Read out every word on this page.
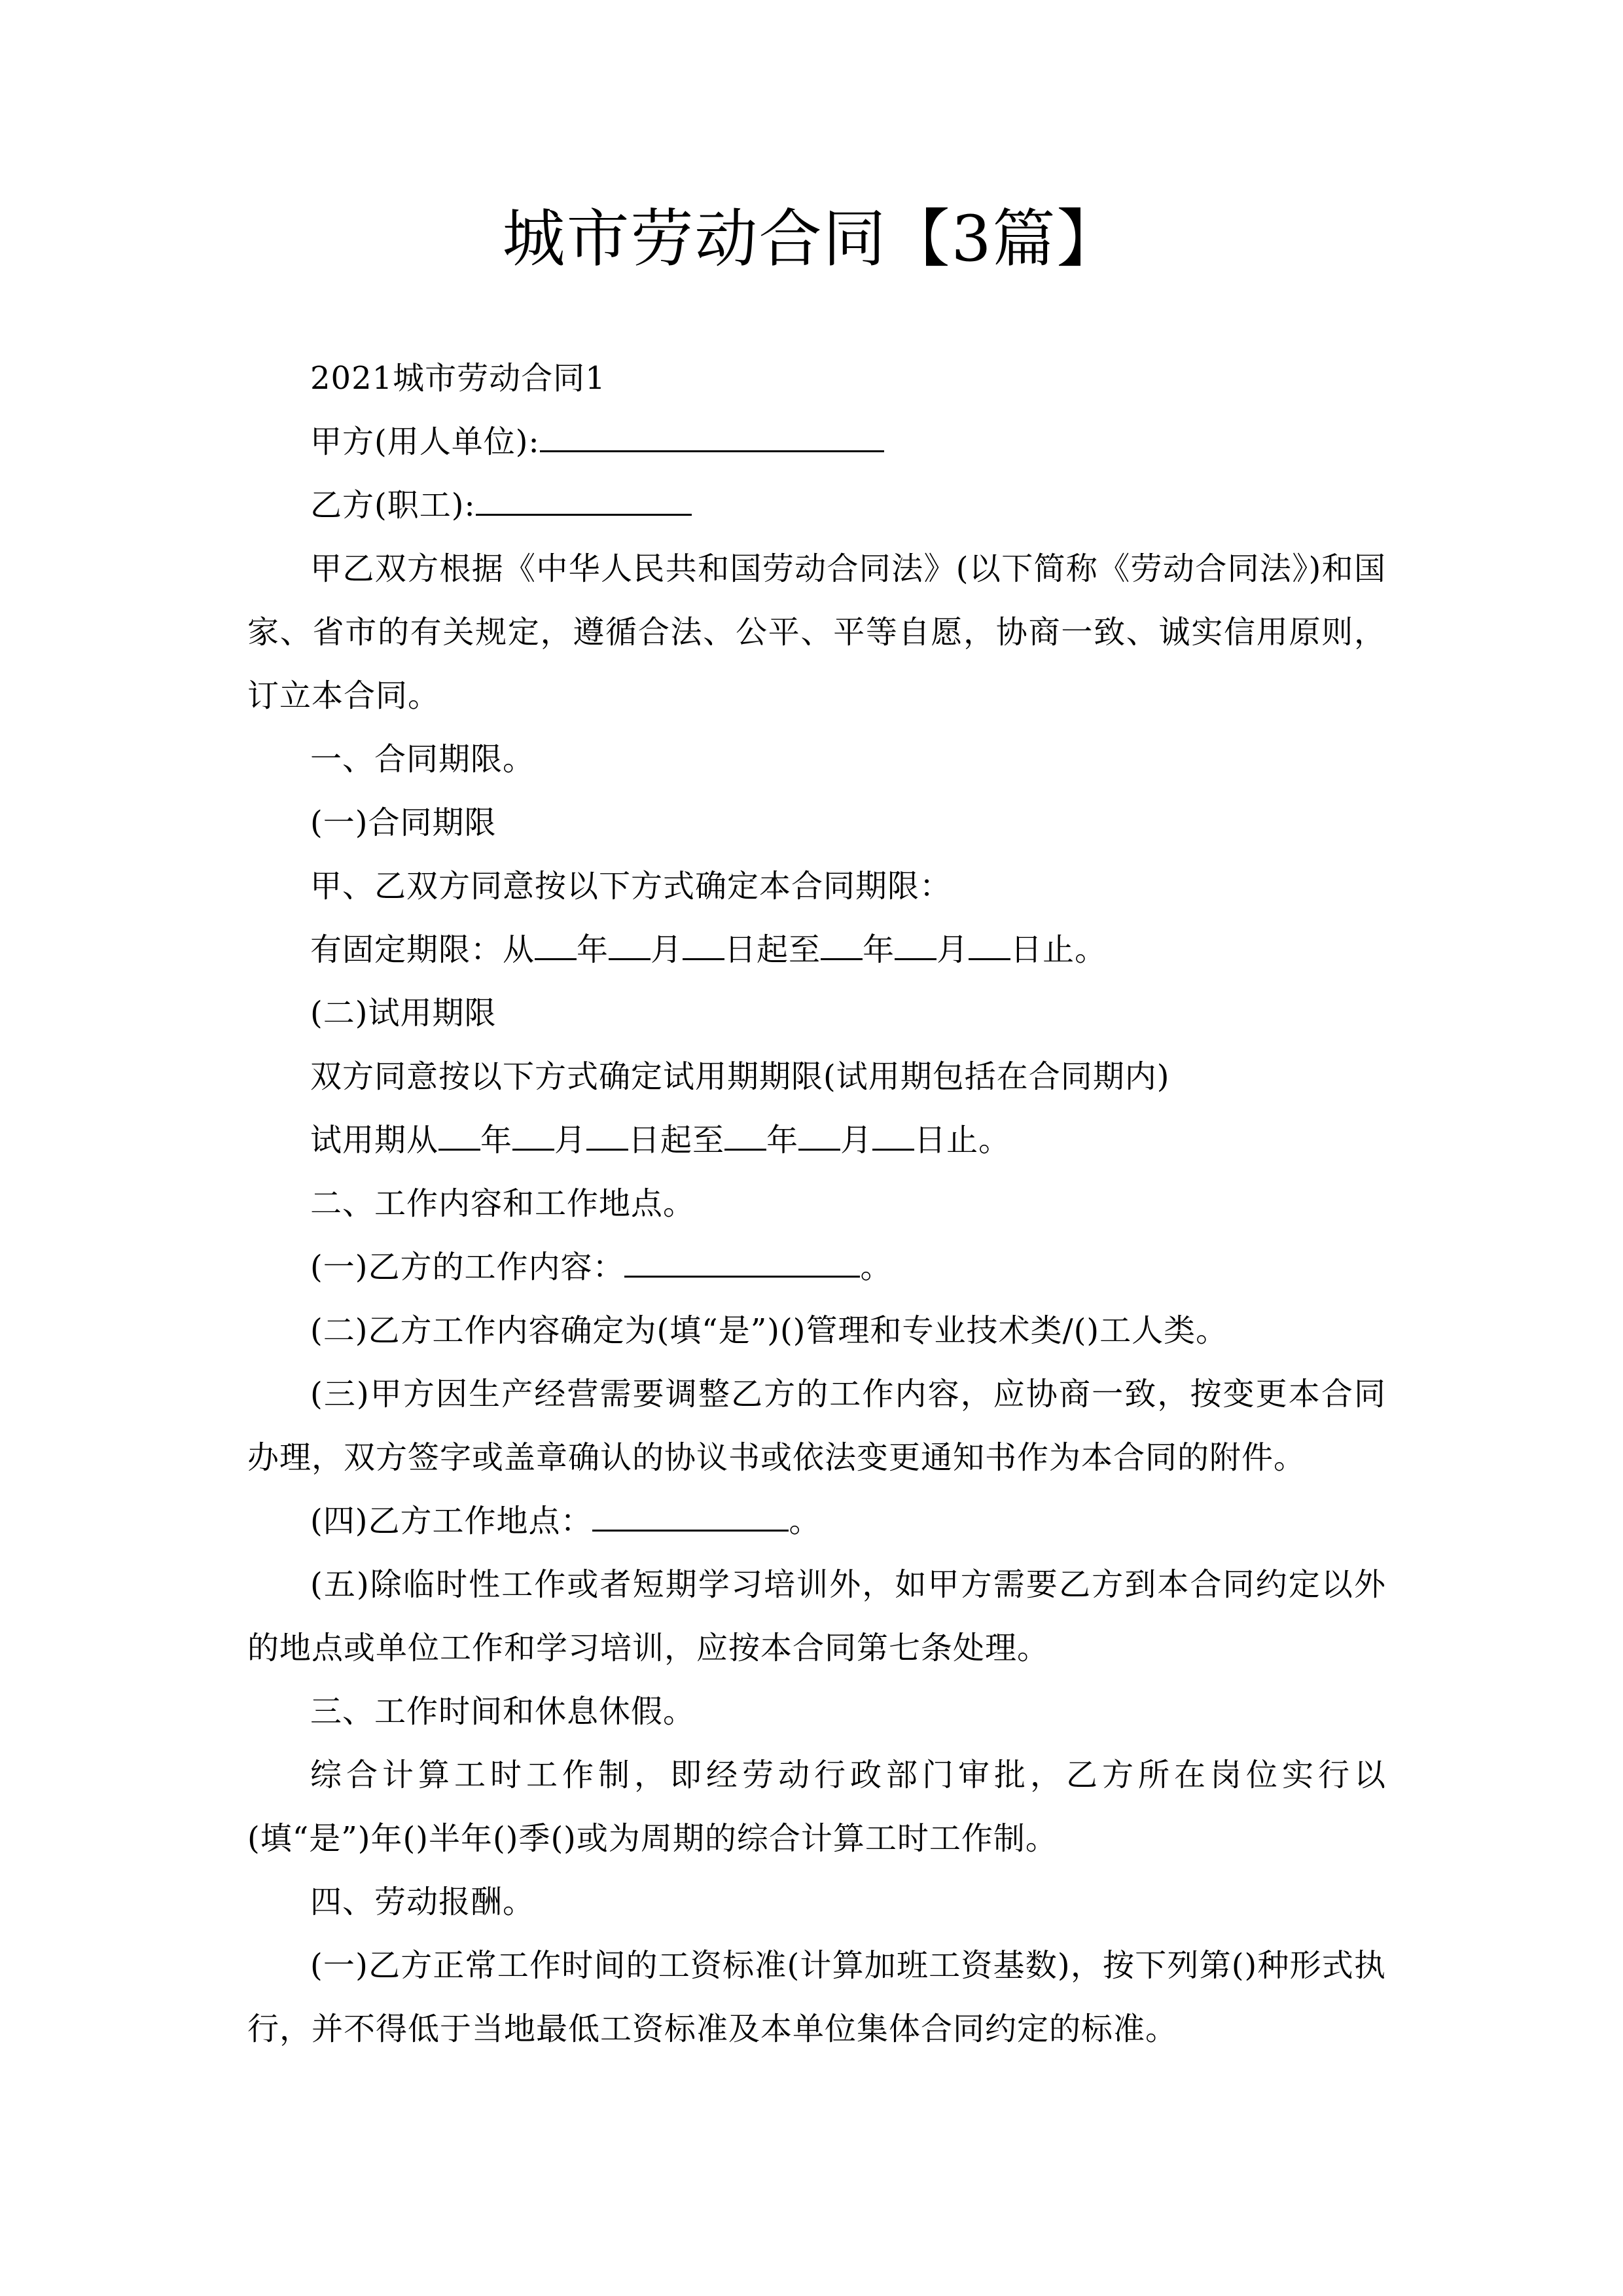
城市劳动合同【3篇】

2021城市劳动合同1

甲方(用人单位):

乙方(职工):

甲乙双方根据《中华人民共和国劳动合同法》(以下简称《劳动合同法》)和国家、省市的有关规定，遵循合法、公平、平等自愿，协商一致、诚实信用原则，订立本合同。

一、合同期限。

(一)合同期限

甲、乙双方同意按以下方式确定本合同期限：

有固定期限：从 年 月 日起至 年 月 日止。

(二)试用期限

双方同意按以下方式确定试用期期限(试用期包括在合同期内)

试用期从 年 月 日起至 年 月 日止。

二、工作内容和工作地点。

(一)乙方的工作内容：	。

(二)乙方工作内容确定为(填“是”)()管理和专业技术类/()工人类。

(三)甲方因生产经营需要调整乙方的工作内容，应协商一致，按变更本合同办理，双方签字或盖章确认的协议书或依法变更通知书作为本合同的附件。

(四)乙方工作地点：	。

(五)除临时性工作或者短期学习培训外，如甲方需要乙方到本合同约定以外的地点或单位工作和学习培训，应按本合同第七条处理。

三、工作时间和休息休假。

综合计算工时工作制，即经劳动行政部门审批，乙方所在岗位实行以(填“是”)年()半年()季()或为周期的综合计算工时工作制。

四、劳动报酬。

(一)乙方正常工作时间的工资标准(计算加班工资基数)，按下列第()种形式执行，并不得低于当地最低工资标准及本单位集体合同约定的标准。
